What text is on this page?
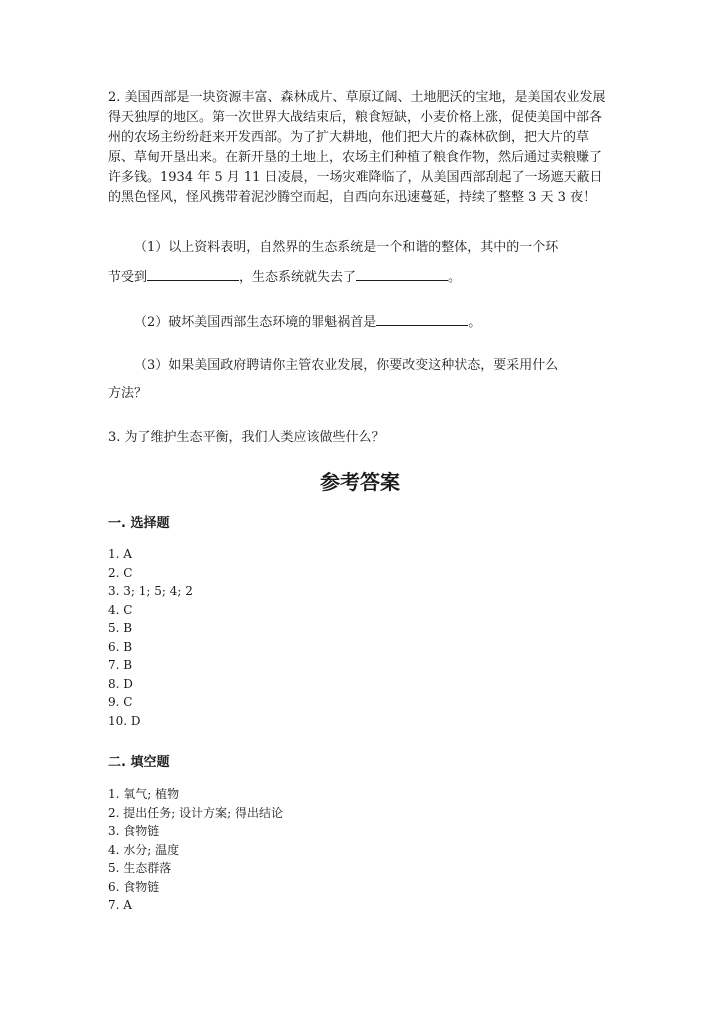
2. 美国西部是一块资源丰富、森林成片、草原辽阔、土地肥沃的宝地，是美国农业发展得天独厚的地区。第一次世界大战结束后，粮食短缺，小麦价格上涨，促使美国中部各州的农场主纷纷赶来开发西部。为了扩大耕地，他们把大片的森林砍倒，把大片的草原、草甸开垦出来。在新开垦的土地上，农场主们种植了粮食作物，然后通过卖粮赚了许多钱。1934 年 5 月 11 日凌晨，一场灾难降临了，从美国西部刮起了一场遮天蔽日的黑色怪风，怪风携带着泥沙腾空而起，自西向东迅速蔓延，持续了整整 3 天 3 夜！

（1）以上资料表明，自然界的生态系统是一个和谐的整体，其中的一个环
节受到	，生态系统就失去了	。
（2）破坏美国西部生态环境的罪魁祸首是	。
（3）如果美国政府聘请你主管农业发展，你要改变这种状态，要采用什么
方法？
3. 为了维护生态平衡，我们人类应该做些什么？
参考答案
一. 选择题
1. A
2. C
3. 3; 1; 5; 4; 2
4. C
5. B
6. B
7. B
8. D
9. C
10. D
二. 填空题
1. 氧气; 植物
2. 提出任务; 设计方案; 得出结论
3. 食物链
4. 水分; 温度
5. 生态群落
6. 食物链
7. A
